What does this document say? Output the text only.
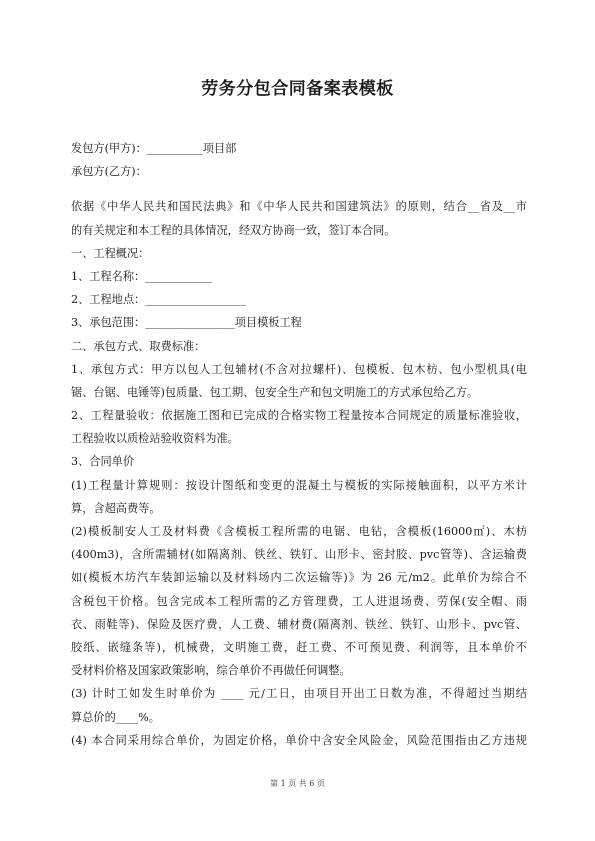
劳务分包合同备案表模板
发包方(甲方)：__________项目部
承包方(乙方)：
依据《中华人民共和国民法典》和《中华人民共和国建筑法》的原则，结合__省及__市
的有关规定和本工程的具体情况，经双方协商一致，签订本合同。
一、工程概况：
1、工程名称：____________
2、工程地点：__________________
3、承包范围：________________项目模板工程
二、承包方式、取费标准：
1、承包方式：甲方以包人工包辅材(不含对拉螺杆)、包模板、包木枋、包小型机具(电
锯、台锯、电锤等)包质量、包工期、包安全生产和包文明施工的方式承包给乙方。
2、工程量验收：依据施工图和已完成的合格实物工程量按本合同规定的质量标准验收，
工程验收以质检站验收资料为准。
3、合同单价
(1)工程量计算规则：按设计图纸和变更的混凝土与模板的实际接触面积，以平方米计
算，含超高费等。
(2)模板制安人工及材料费《含模板工程所需的电锯、电钻，含模板(16000㎡)、木枋
(400m3)，含所需辅材(如隔离剂、铁丝、铁钉、山形卡、密封胶、pvc管等)、含运输费
如(模板木坊汽车装卸运输以及材料场内二次运输等)》为 26 元/m2。此单价为综合不
含税包干价格。包含完成本工程所需的乙方管理费，工人进退场费、劳保(安全帽、雨
衣、雨鞋等)、保险及医疗费，人工费、辅材费(隔离剂、铁丝、铁钉、山形卡、pvc管、
胶纸、嵌缝条等)，机械费，文明施工费，赶工费、不可预见费、利润等，且本单价不
受材料价格及国家政策影响，综合单价不再做任何调整。
(3) 计时工如发生时单价为 ____ 元/工日，由项目开出工日数为准，不得超过当期结
算总价的____%。
(4) 本合同采用综合单价，为固定价格，单价中含安全风险金，风险范围指由乙方违规
第 1 页 共 6 页
